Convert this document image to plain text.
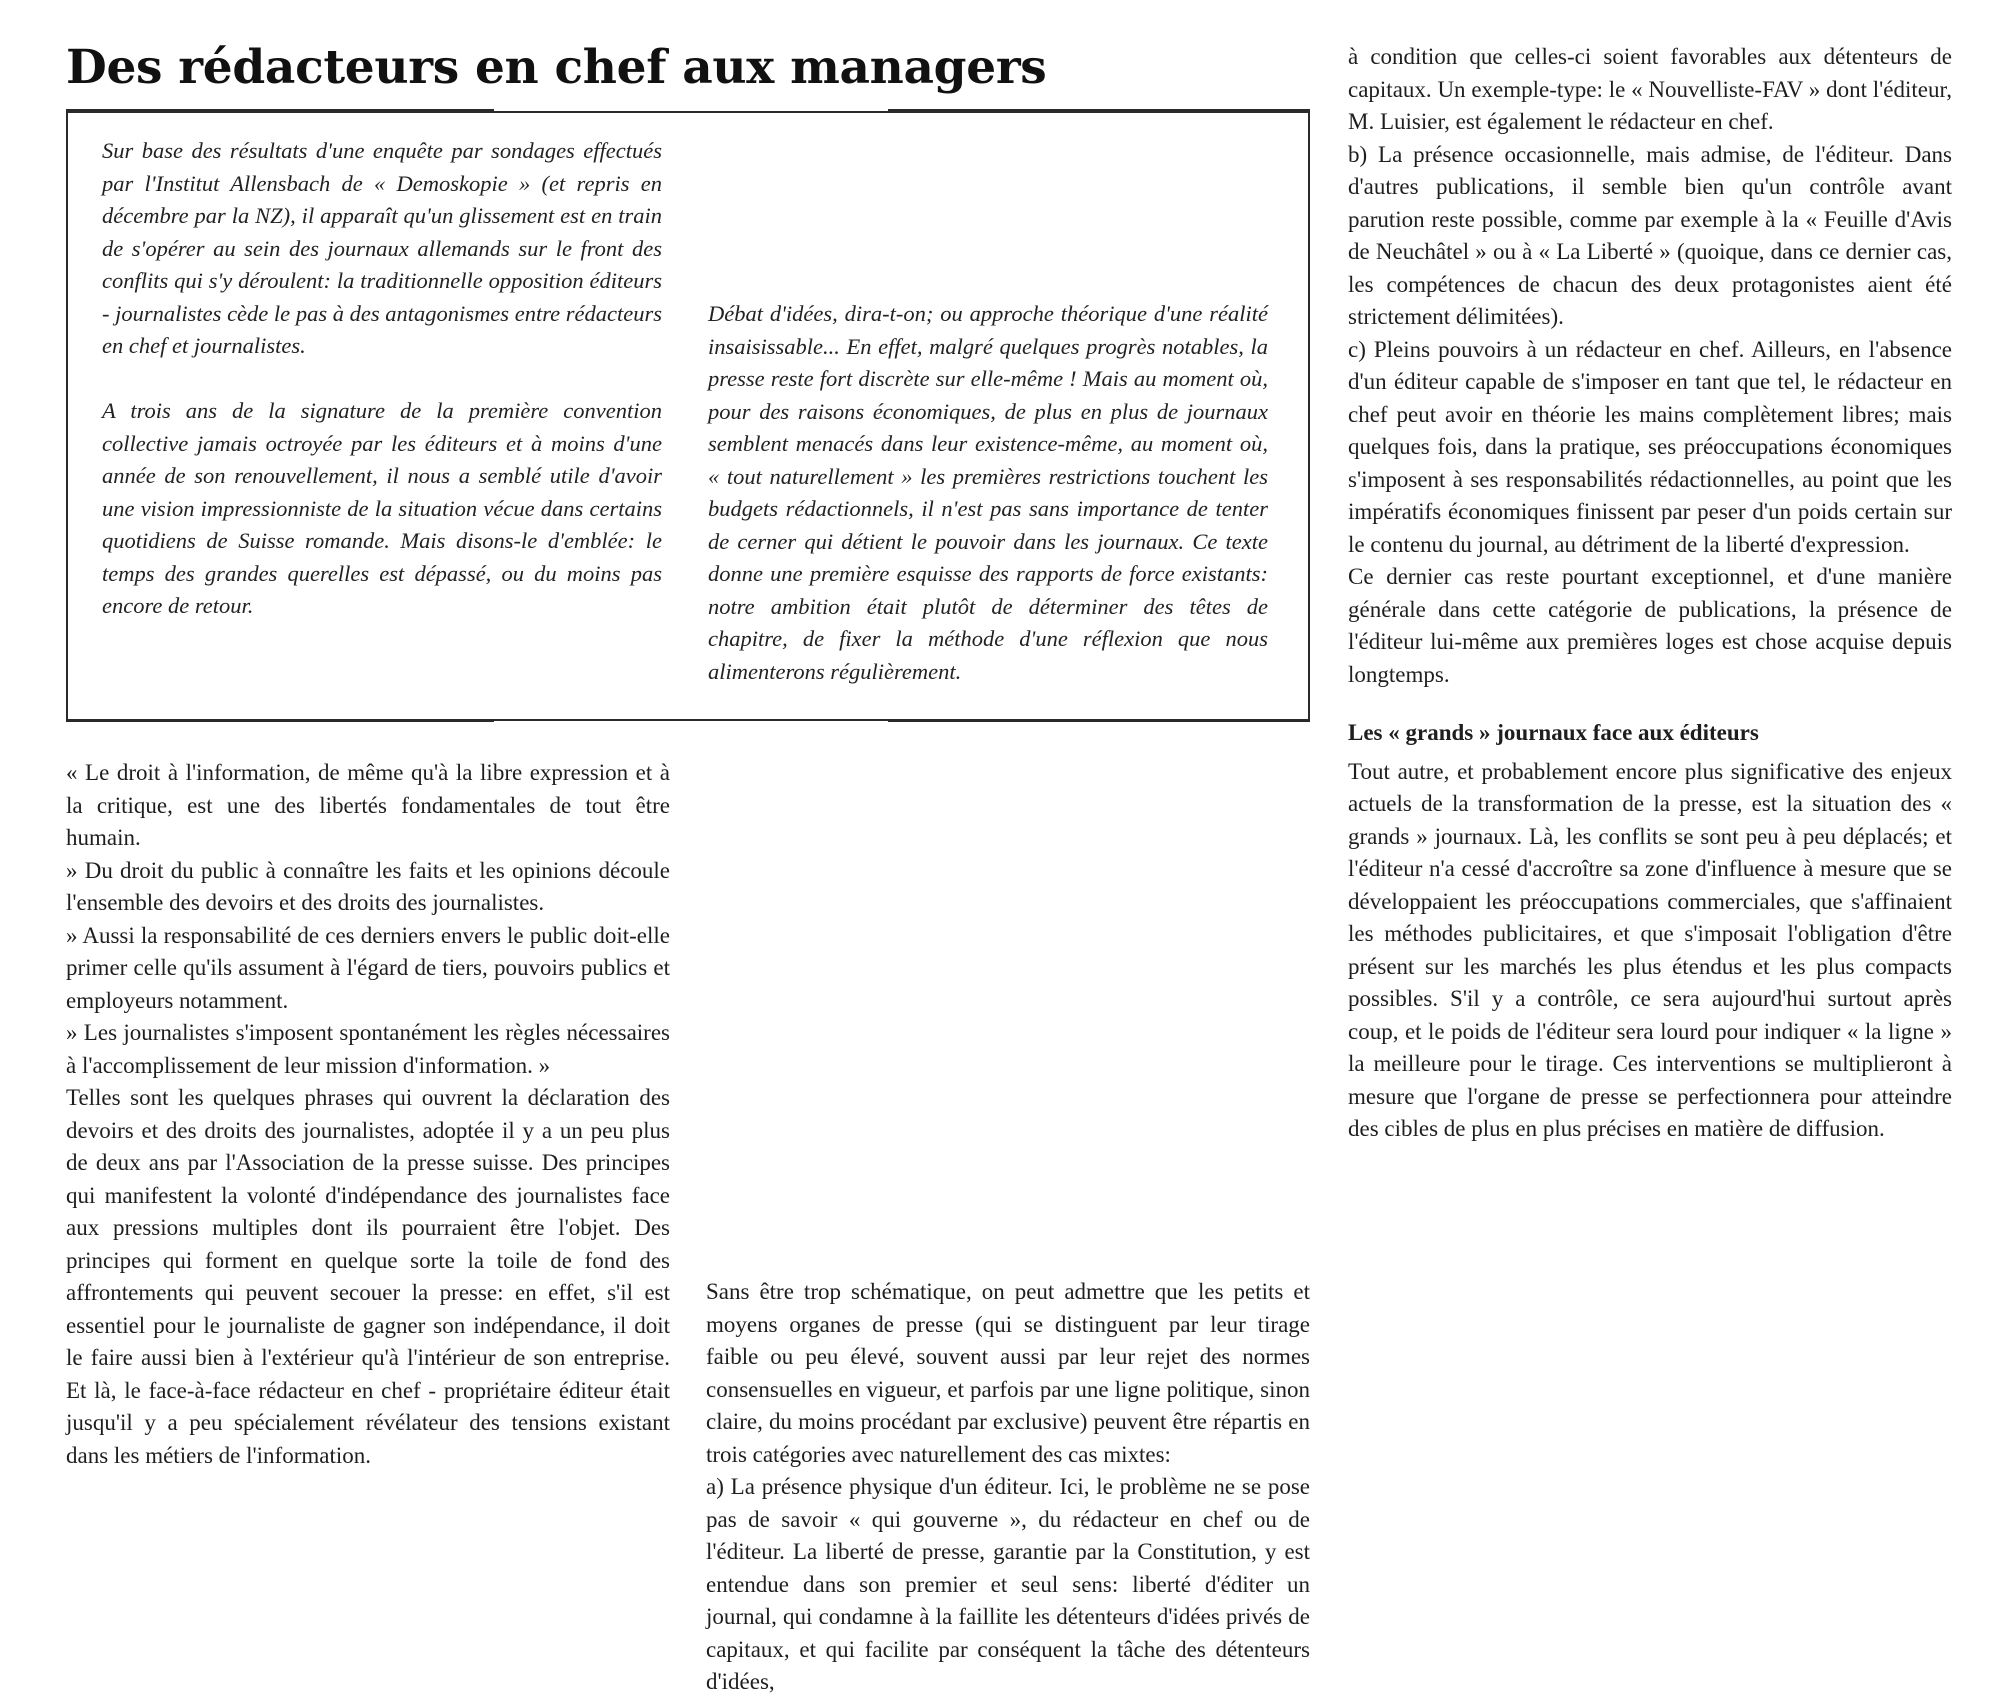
Des rédacteurs en chef aux managers

Sur base des résultats d'une enquête par sondages effectués par l'Institut Allensbach de « Demoskopie » (et repris en décembre par la NZ), il apparaît qu'un glissement est en train de s'opérer au sein des journaux allemands sur le front des conflits qui s'y déroulent: la traditionnelle opposition éditeurs - journalistes cède le pas à des antagonismes entre rédacteurs en chef et journalistes.

A trois ans de la signature de la première convention collective jamais octroyée par les éditeurs et à moins d'une année de son renouvellement, il nous a semblé utile d'avoir une vision impressionniste de la situation vécue dans certains quotidiens de Suisse romande. Mais disons-le d'emblée: le temps des grandes querelles est dépassé, ou du moins pas encore de retour.

Débat d'idées, dira-t-on; ou approche théorique d'une réalité insaisissable... En effet, malgré quelques progrès notables, la presse reste fort discrète sur elle-même ! Mais au moment où, pour des raisons économiques, de plus en plus de journaux semblent menacés dans leur existence-même, au moment où, « tout naturellement » les premières restrictions touchent les budgets rédactionnels, il n'est pas sans importance de tenter de cerner qui détient le pouvoir dans les journaux. Ce texte donne une première esquisse des rapports de force existants: notre ambition était plutôt de déterminer des têtes de chapitre, de fixer la méthode d'une réflexion que nous alimenterons régulièrement.

« Le droit à l'information, de même qu'à la libre expression et à la critique, est une des libertés fondamentales de tout être humain.

» Du droit du public à connaître les faits et les opinions découle l'ensemble des devoirs et des droits des journalistes.

» Aussi la responsabilité de ces derniers envers le public doit-elle primer celle qu'ils assument à l'égard de tiers, pouvoirs publics et employeurs notamment.

» Les journalistes s'imposent spontanément les règles nécessaires à l'accomplissement de leur mission d'information. »

Telles sont les quelques phrases qui ouvrent la déclaration des devoirs et des droits des journalistes, adoptée il y a un peu plus de deux ans par l'Association de la presse suisse. Des principes qui manifestent la volonté d'indépendance des journalistes face aux pressions multiples dont ils pourraient être l'objet. Des principes qui forment en quelque sorte la toile de fond des affrontements qui peuvent secouer la presse: en effet, s'il est essentiel pour le journaliste de gagner son indépendance, il doit le faire aussi bien à l'extérieur qu'à l'intérieur de son entreprise. Et là, le face-à-face rédacteur en chef - propriétaire éditeur était jusqu'il y a peu spécialement révélateur des tensions existant dans les métiers de l'information.

Sans être trop schématique, on peut admettre que les petits et moyens organes de presse (qui se distinguent par leur tirage faible ou peu élevé, souvent aussi par leur rejet des normes consensuelles en vigueur, et parfois par une ligne politique, sinon claire, du moins procédant par exclusive) peuvent être répartis en trois catégories avec naturellement des cas mixtes:

a) La présence physique d'un éditeur. Ici, le problème ne se pose pas de savoir « qui gouverne », du rédacteur en chef ou de l'éditeur. La liberté de presse, garantie par la Constitution, y est entendue dans son premier et seul sens: liberté d'éditer un journal, qui condamne à la faillite les détenteurs d'idées privés de capitaux, et qui facilite par conséquent la tâche des détenteurs d'idées,

à condition que celles-ci soient favorables aux détenteurs de capitaux. Un exemple-type: le « Nouvelliste-FAV » dont l'éditeur, M. Luisier, est également le rédacteur en chef.

b) La présence occasionnelle, mais admise, de l'éditeur. Dans d'autres publications, il semble bien qu'un contrôle avant parution reste possible, comme par exemple à la « Feuille d'Avis de Neuchâtel » ou à « La Liberté » (quoique, dans ce dernier cas, les compétences de chacun des deux protagonistes aient été strictement délimitées).

c) Pleins pouvoirs à un rédacteur en chef. Ailleurs, en l'absence d'un éditeur capable de s'imposer en tant que tel, le rédacteur en chef peut avoir en théorie les mains complètement libres; mais quelques fois, dans la pratique, ses préoccupations économiques s'imposent à ses responsabilités rédactionnelles, au point que les impératifs économiques finissent par peser d'un poids certain sur le contenu du journal, au détriment de la liberté d'expression.

Ce dernier cas reste pourtant exceptionnel, et d'une manière générale dans cette catégorie de publications, la présence de l'éditeur lui-même aux premières loges est chose acquise depuis longtemps.

Les « grands » journaux face aux éditeurs

Tout autre, et probablement encore plus significative des enjeux actuels de la transformation de la presse, est la situation des « grands » journaux. Là, les conflits se sont peu à peu déplacés; et l'éditeur n'a cessé d'accroître sa zone d'influence à mesure que se développaient les préoccupations commerciales, que s'affinaient les méthodes publicitaires, et que s'imposait l'obligation d'être présent sur les marchés les plus étendus et les plus compacts possibles. S'il y a contrôle, ce sera aujourd'hui surtout après coup, et le poids de l'éditeur sera lourd pour indiquer « la ligne » la meilleure pour le tirage. Ces interventions se multiplieront à mesure que l'organe de presse se perfectionnera pour atteindre des cibles de plus en plus précises en matière de diffusion.
